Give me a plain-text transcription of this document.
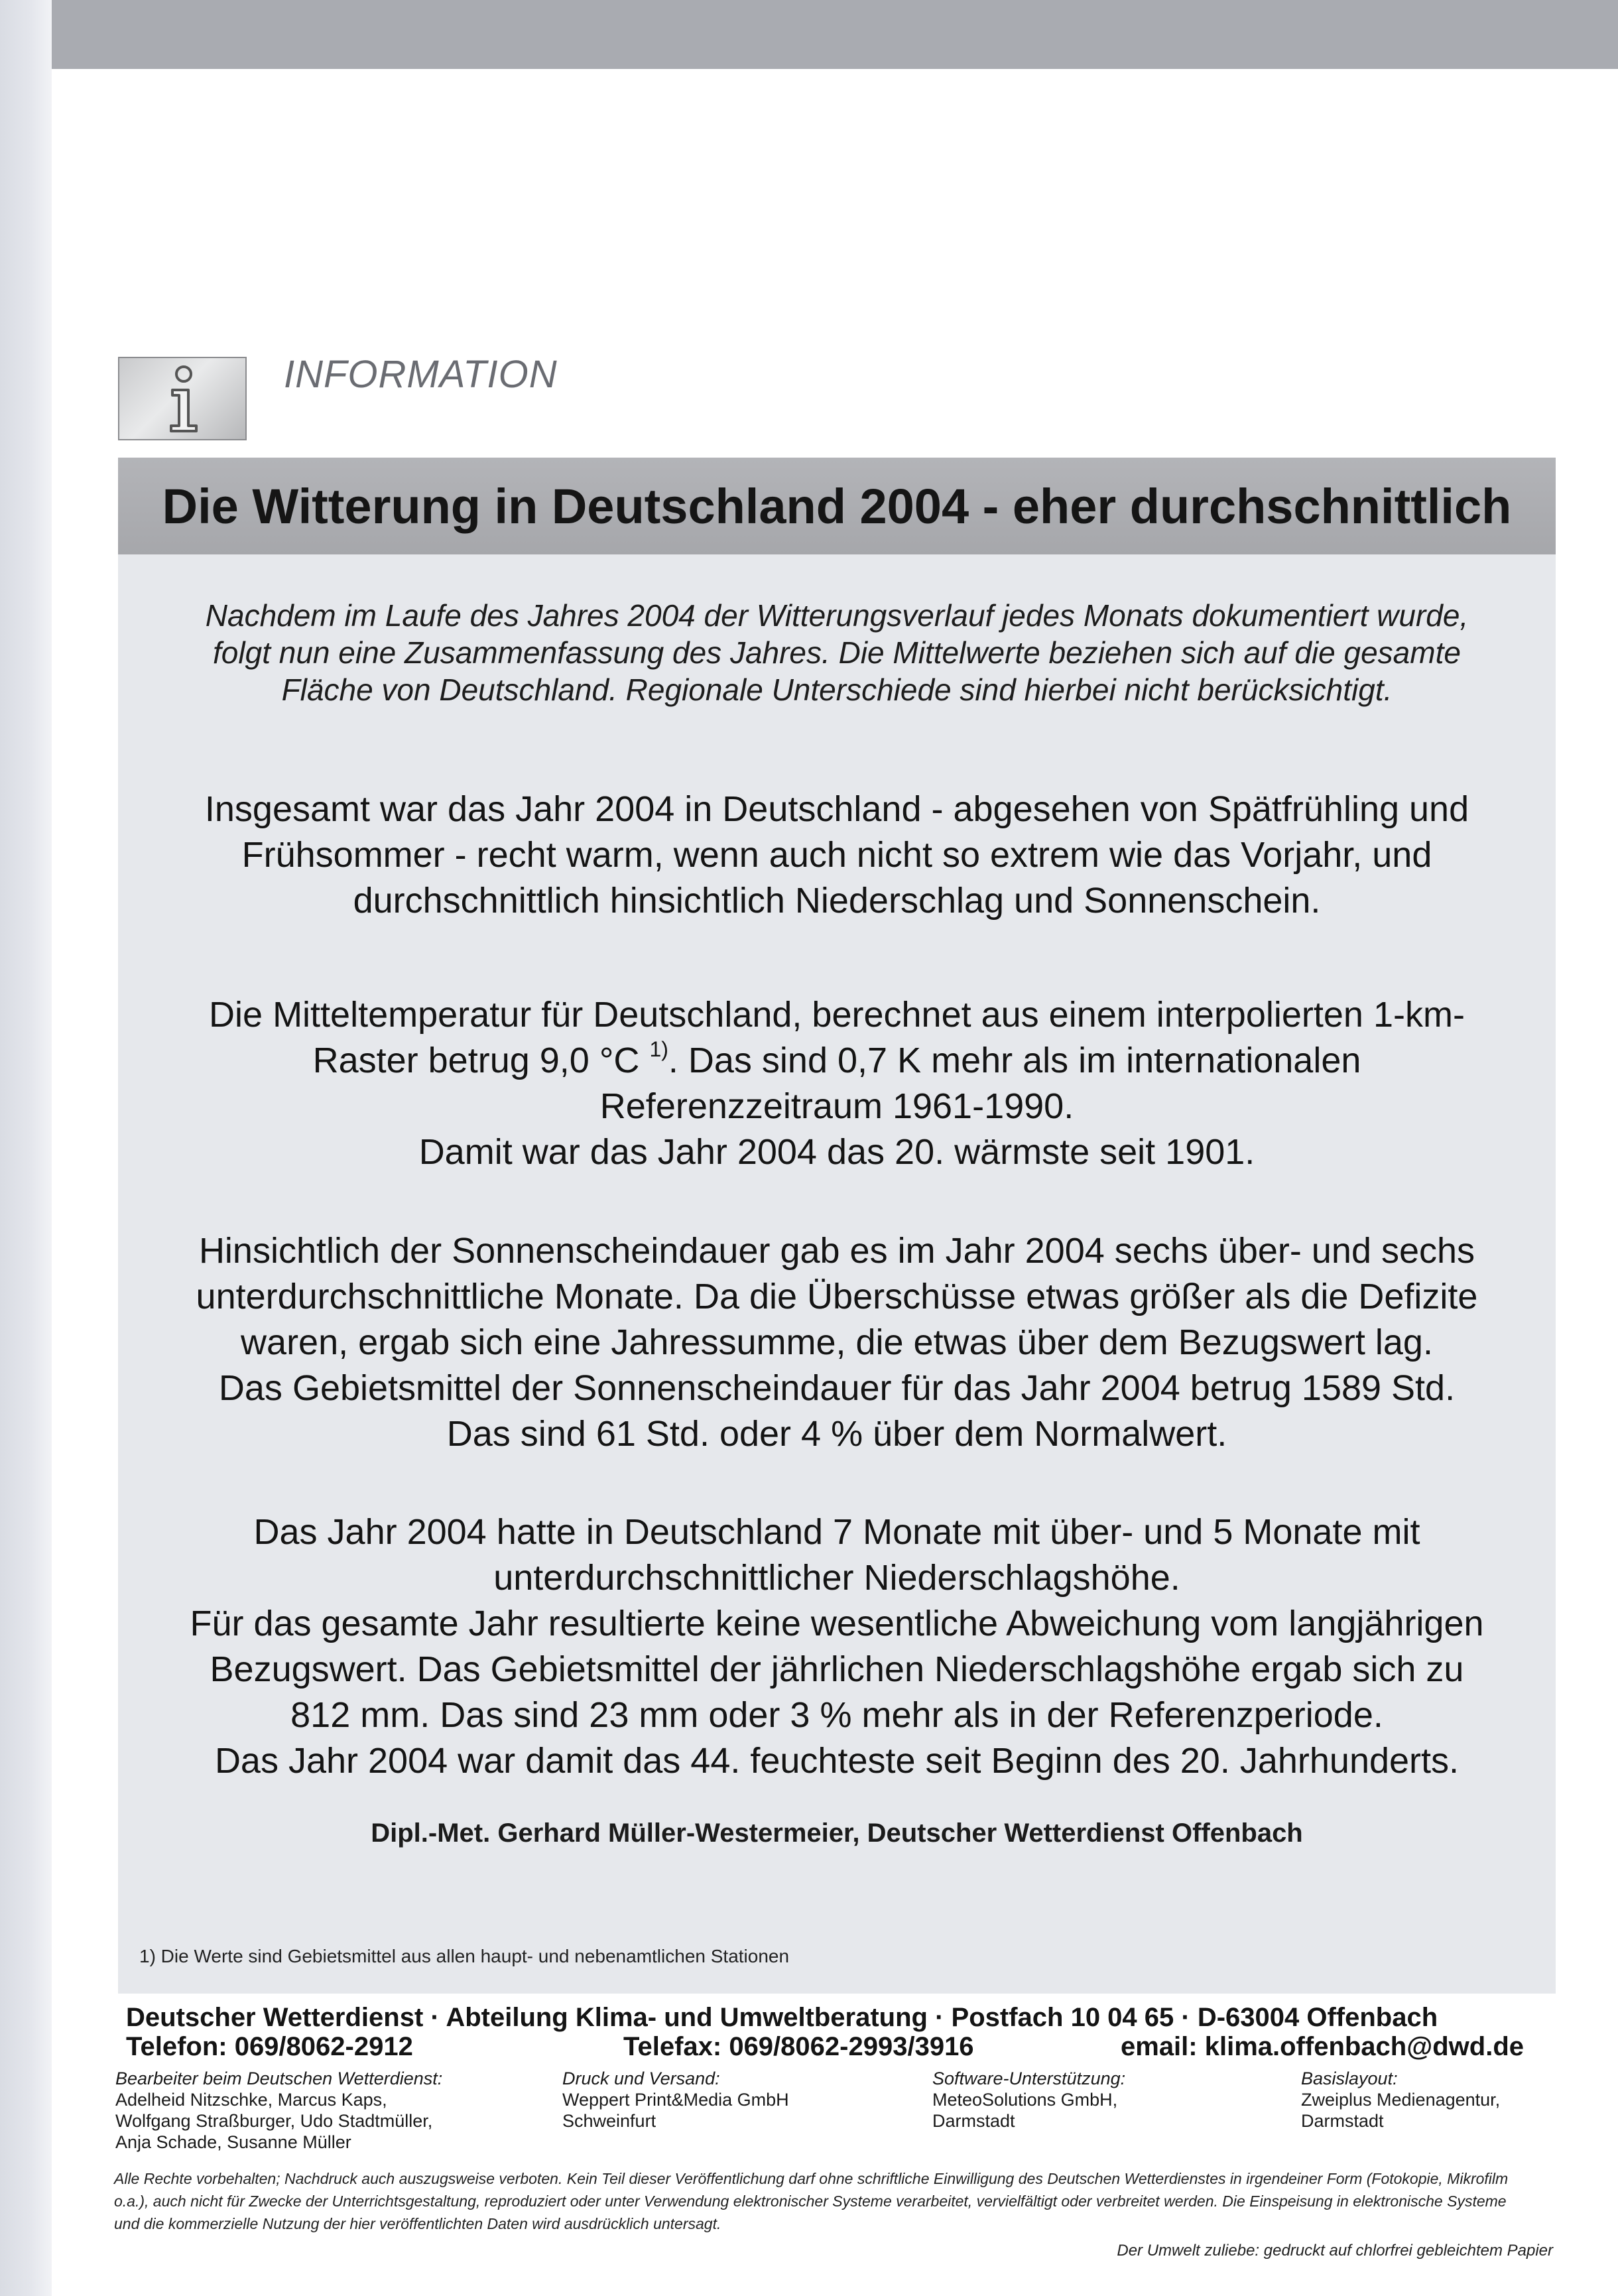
INFORMATION
Die Witterung in Deutschland 2004 - eher durchschnittlich
Nachdem im Laufe des Jahres 2004 der Witterungsverlauf jedes Monats dokumentiert wurde,
folgt nun eine Zusammenfassung des Jahres. Die Mittelwerte beziehen sich auf die gesamte
Fläche von Deutschland. Regionale Unterschiede sind hierbei nicht berücksichtigt.
Insgesamt war das Jahr 2004 in Deutschland - abgesehen von Spätfrühling und
Frühsommer - recht warm, wenn auch nicht so extrem wie das Vorjahr, und
durchschnittlich hinsichtlich Niederschlag und Sonnenschein.
Die Mitteltemperatur für Deutschland, berechnet aus einem interpolierten 1-km-
Raster betrug 9,0 °C $^{1)}$. Das sind 0,7 K mehr als im internationalen
Referenzzeitraum 1961-1990.
Damit war das Jahr 2004 das 20. wärmste seit 1901.
Hinsichtlich der Sonnenscheindauer gab es im Jahr 2004 sechs über- und sechs
unterdurchschnittliche Monate. Da die Überschüsse etwas größer als die Defizite
waren, ergab sich eine Jahressumme, die etwas über dem Bezugswert lag.
Das Gebietsmittel der Sonnenscheindauer für das Jahr 2004 betrug 1589 Std.
Das sind 61 Std. oder 4 % über dem Normalwert.
Das Jahr 2004 hatte in Deutschland 7 Monate mit über- und 5 Monate mit
unterdurchschnittlicher Niederschlagshöhe.
Für das gesamte Jahr resultierte keine wesentliche Abweichung vom langjährigen
Bezugswert. Das Gebietsmittel der jährlichen Niederschlagshöhe ergab sich zu
812 mm. Das sind 23 mm oder 3 % mehr als in der Referenzperiode.
Das Jahr 2004 war damit das 44. feuchteste seit Beginn des 20. Jahrhunderts.
Dipl.-Met. Gerhard Müller-Westermeier, Deutscher Wetterdienst Offenbach
1) Die Werte sind Gebietsmittel aus allen haupt- und nebenamtlichen Stationen
Deutscher Wetterdienst · Abteilung Klima- und Umweltberatung · Postfach 10 04 65 · D-63004 Offenbach
Telefon: 069/8062-2912	Telefax: 069/8062-2993/3916	email: klima.offenbach@dwd.de
Bearbeiter beim Deutschen Wetterdienst:
Adelheid Nitzschke, Marcus Kaps,
Wolfgang Straßburger, Udo Stadtmüller,
Anja Schade, Susanne Müller
Druck und Versand:
Weppert Print&Media GmbH
Schweinfurt
Software-Unterstützung:
MeteoSolutions GmbH,
Darmstadt
Basislayout:
Zweiplus Medienagentur,
Darmstadt
Alle Rechte vorbehalten; Nachdruck auch auszugsweise verboten. Kein Teil dieser Veröffentlichung darf ohne schriftliche Einwilligung des Deutschen Wetterdienstes in irgendeiner Form (Fotokopie, Mikrofilm
o.a.), auch nicht für Zwecke der Unterrichtsgestaltung, reproduziert oder unter Verwendung elektronischer Systeme verarbeitet, vervielfältigt oder verbreitet werden. Die Einspeisung in elektronische Systeme
und die kommerzielle Nutzung der hier veröffentlichten Daten wird ausdrücklich untersagt.
Der Umwelt zuliebe: gedruckt auf chlorfrei gebleichtem Papier
